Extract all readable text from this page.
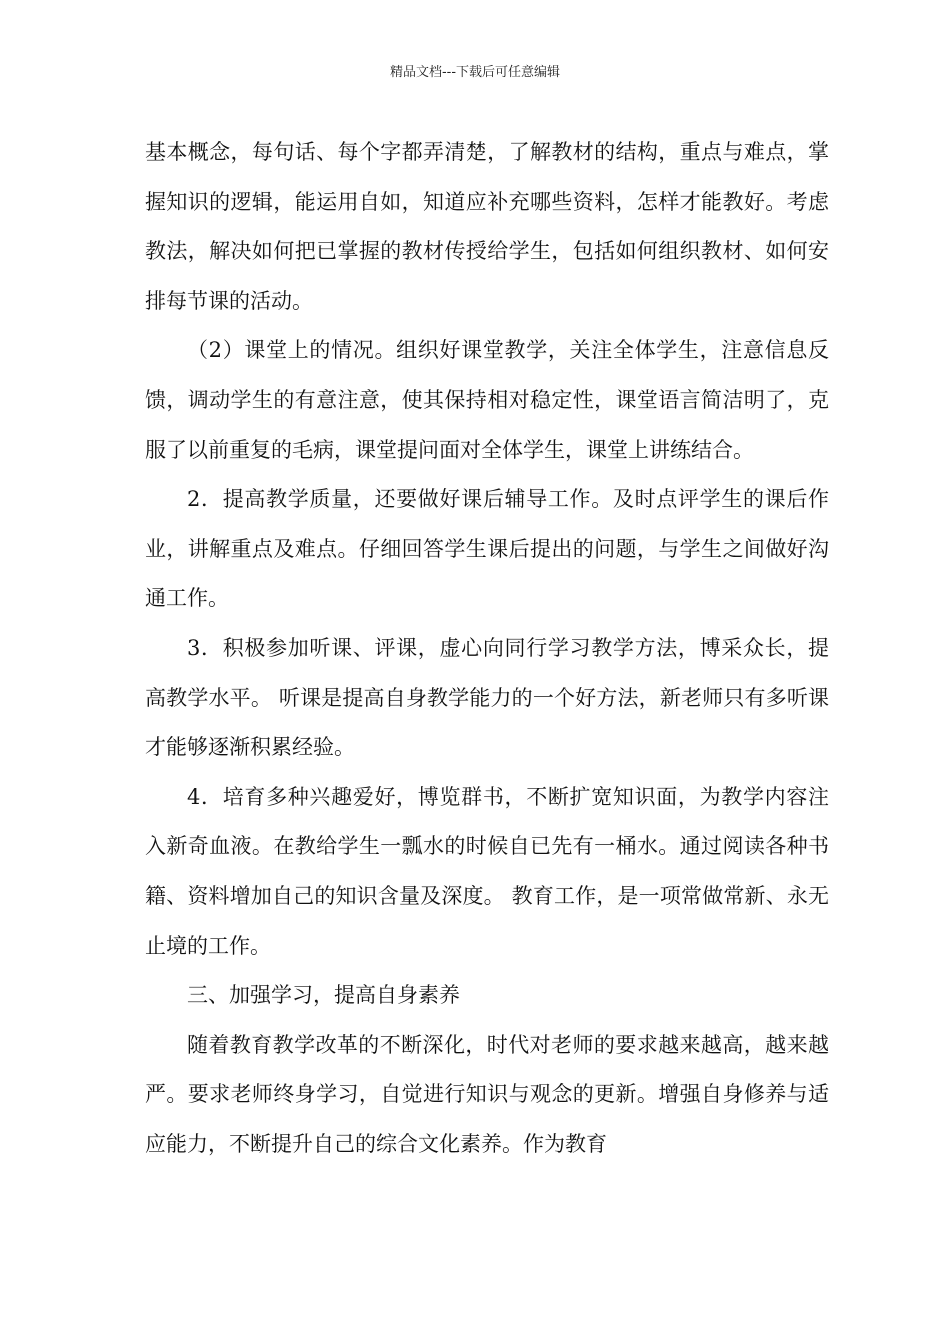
精品文档---下载后可任意编辑

基本概念，每句话、每个字都弄清楚，了解教材的结构，重点与难点，掌握知识的逻辑，能运用自如，知道应补充哪些资料，怎样才能教好。考虑教法，解决如何把已掌握的教材传授给学生，包括如何组织教材、如何安排每节课的活动。

（2）课堂上的情况。组织好课堂教学，关注全体学生，注意信息反馈，调动学生的有意注意，使其保持相对稳定性，课堂语言简洁明了，克服了以前重复的毛病，课堂提问面对全体学生，课堂上讲练结合。

2．提高教学质量，还要做好课后辅导工作。及时点评学生的课后作业，讲解重点及难点。仔细回答学生课后提出的问题，与学生之间做好沟通工作。

3．积极参加听课、评课，虚心向同行学习教学方法，博采众长，提高教学水平。 听课是提高自身教学能力的一个好方法，新老师只有多听课才能够逐渐积累经验。

4．培育多种兴趣爱好，博览群书，不断扩宽知识面，为教学内容注入新奇血液。在教给学生一瓢水的时候自已先有一桶水。通过阅读各种书籍、资料增加自己的知识含量及深度。 教育工作，是一项常做常新、永无止境的工作。

三、加强学习，提高自身素养

随着教育教学改革的不断深化，时代对老师的要求越来越高，越来越严。要求老师终身学习，自觉进行知识与观念的更新。增强自身修养与适应能力，不断提升自己的综合文化素养。作为教育
